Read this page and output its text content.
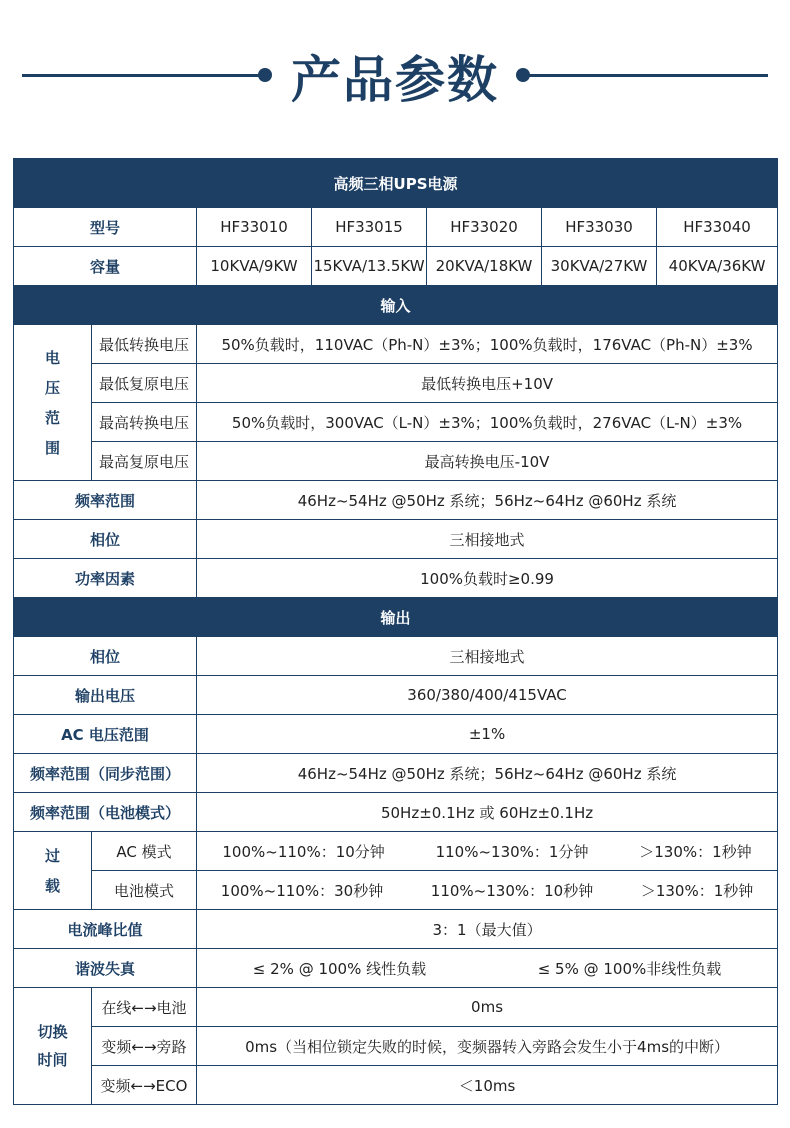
产品参数
高频三相UPS电源						
型号		HF33010	HF33015	HF33020	HF33030	HF33040
容量		10KVA/9KW	15KVA/13.5KW	20KVA/18KW	30KVA/27KW	40KVA/36KW
输入						

电压范围	最低转换电压	50%负载时，110VAC（Ph-N）±3%；100%负载时，176VAC（Ph-N）±3%				
	最低复原电压	最低转换电压+10V				
	最高转换电压	50%负载时，300VAC（L-N）±3%；100%负载时，276VAC（L-N）±3%				
	最高复原电压	最高转换电压-10V				
频率范围		46Hz~54Hz @50Hz 系统；56Hz~64Hz @60Hz 系统				
相位		三相接地式				
功率因素		100%负载时≥0.99				
输出						
相位		三相接地式				
输出电压		360/380/400/415VAC				
AC 电压范围		±1%				
频率范围（同步范围）		46Hz~54Hz @50Hz 系统；56Hz~64Hz @60Hz 系统				
频率范围（电池模式）		50Hz±0.1Hz 或 60Hz±0.1Hz				

过载	AC 模式	100%~110%：10分钟 110%~130%：1分钟 ＞130%：1秒钟				

	电池模式	100%~110%：30秒钟 110%~130%：10秒钟 ＞130%：1秒钟				

电流峰比值		3：1（最大值）				
谐波失真		≤ 2% @ 100% 线性负载 ≤ 5% @ 100%非线性负载				

切换时间	在线←→电池	0ms				
	变频←→旁路	0ms（当相位锁定失败的时候，变频器转入旁路会发生小于4ms的中断）				
	变频←→ECO	＜10ms				
